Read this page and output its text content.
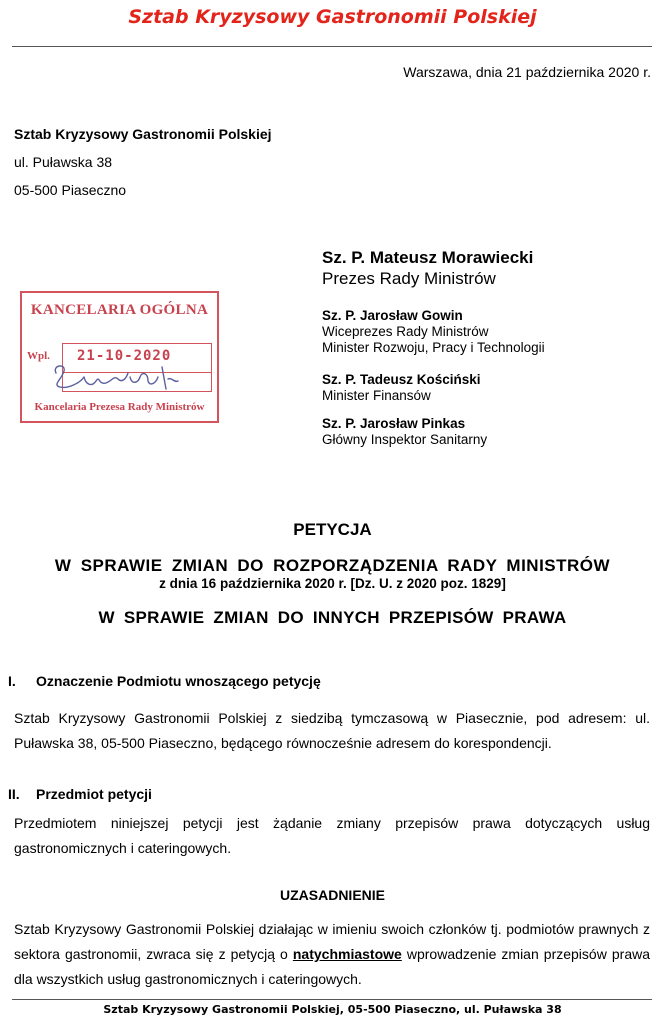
Sztab Kryzysowy Gastronomii Polskiej
Warszawa, dnia 21 października 2020 r.
Sztab Kryzysowy Gastronomii Polskiej
ul. Puławska 38
05-500 Piaseczno
Sz. P. Mateusz Morawiecki
Prezes Rady Ministrów
Sz. P. Jarosław Gowin
Wiceprezes Rady Ministrów
Minister Rozwoju, Pracy i Technologii
Sz. P. Tadeusz Kościński
Minister Finansów
Sz. P. Jarosław Pinkas
Główny Inspektor Sanitarny
KANCELARIA OGÓLNA
Wpl. 21-10-2020
Kancelaria Prezesa Rady Ministrów
PETYCJA
W SPRAWIE ZMIAN DO ROZPORZĄDZENIA RADY MINISTRÓW
z dnia 16 października 2020 r. [Dz. U. z 2020 poz. 1829]
W SPRAWIE ZMIAN DO INNYCH PRZEPISÓW PRAWA
I. Oznaczenie Podmiotu wnoszącego petycję
Sztab Kryzysowy Gastronomii Polskiej z siedzibą tymczasową w Piasecznie, pod adresem: ul. Puławska 38, 05-500 Piaseczno, będącego równocześnie adresem do korespondencji.
II. Przedmiot petycji
Przedmiotem niniejszej petycji jest żądanie zmiany przepisów prawa dotyczących usług gastronomicznych i cateringowych.
UZASADNIENIE
Sztab Kryzysowy Gastronomii Polskiej działając w imieniu swoich członków tj. podmiotów prawnych z sektora gastronomii, zwraca się z petycją o natychmiastowe wprowadzenie zmian przepisów prawa dla wszystkich usług gastronomicznych i cateringowych.
Sztab Kryzysowy Gastronomii Polskiej, 05-500 Piaseczno, ul. Puławska 38
